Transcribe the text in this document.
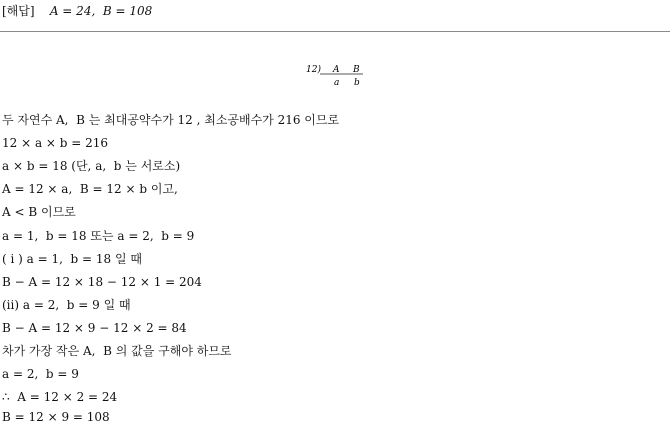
[해답] A = 24,  B = 108
12) A B
a b
두 자연수 A,  B 는 최대공약수가 12 , 최소공배수가 216 이므로
12 × a × b = 216
a × b = 18 (단, a,  b 는 서로소)
A = 12 × a,  B = 12 × b 이고,
A < B 이므로
a = 1,  b = 18 또는 a = 2,  b = 9
( i ) a = 1,  b = 18 일 때
B − A = 12 × 18 − 12 × 1 = 204
(ii) a = 2,  b = 9 일 때
B − A = 12 × 9 − 12 × 2 = 84
차가 가장 작은 A,  B 의 값을 구해야 하므로
a = 2,  b = 9
∴  A = 12 × 2 = 24
B = 12 × 9 = 108
